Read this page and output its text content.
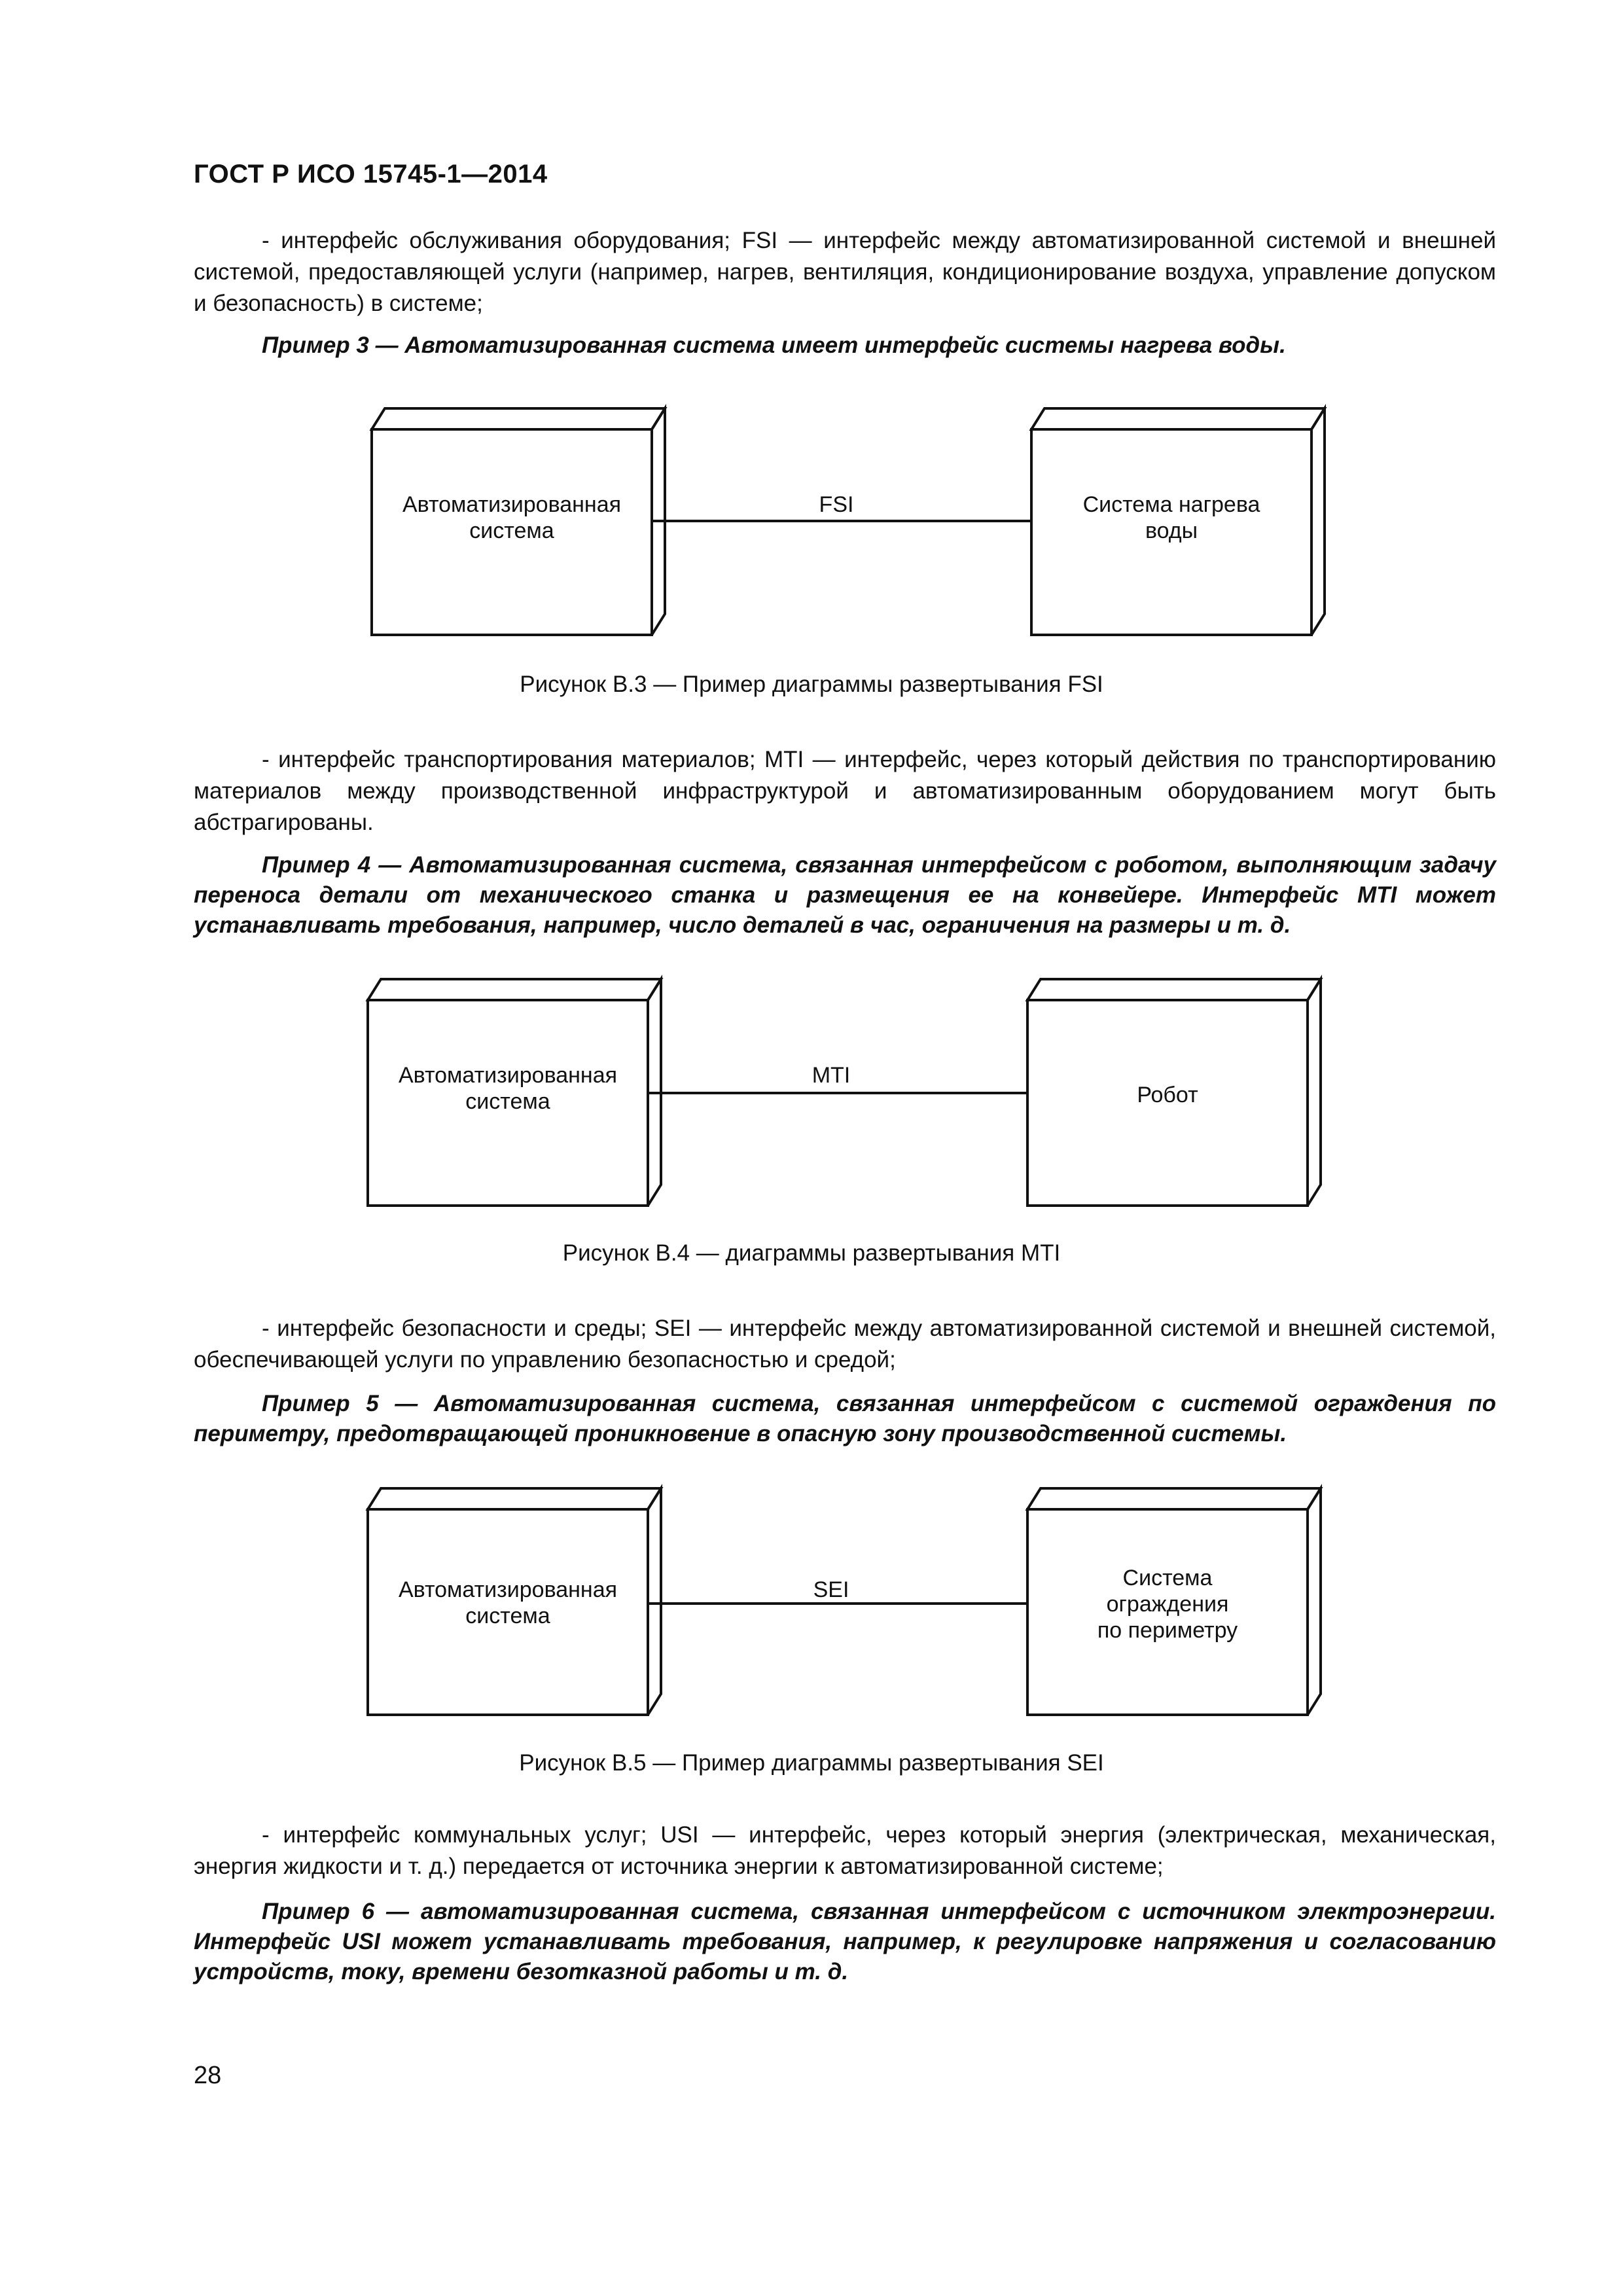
ГОСТ Р ИСО 15745-1—2014

- интерфейс обслуживания оборудования; FSI — интерфейс между автоматизированной системой и внешней системой, предоставляющей услуги (например, нагрев, вентиляция, кондиционирование воздуха, управление допуском и безопасность) в системе;

Пример 3 — Автоматизированная система имеет интерфейс системы нагрева воды.

Автоматизированная
система
FSI	Система нагрева
воды
Рисунок В.3 — Пример диаграммы развертывания FSI

- интерфейс транспортирования материалов; MTI — интерфейс, через который действия по транспортированию материалов между производственной инфраструктурой и автоматизированным оборудованием могут быть абстрагированы.

Пример 4 — Автоматизированная система, связанная интерфейсом с роботом, выполняющим задачу переноса детали от механического станка и размещения ее на конвейере. Интерфейс MTI может устанавливать требования, например, число деталей в час, ограничения на размеры и т. д.

Автоматизированная
система
MTI
Робот
Рисунок В.4 — диаграммы развертывания MTI

- интерфейс безопасности и среды; SEI — интерфейс между автоматизированной системой и внешней системой, обеспечивающей услуги по управлению безопасностью и средой;

Пример 5 — Автоматизированная система, связанная интерфейсом с системой ограждения по периметру, предотвращающей проникновение в опасную зону производственной системы.

Автоматизированная
система
SEI	Система
ограждения
по периметру
Рисунок В.5 — Пример диаграммы развертывания SEI

- интерфейс коммунальных услуг; USI — интерфейс, через который энергия (электрическая, механическая, энергия жидкости и т. д.) передается от источника энергии к автоматизированной системе;

Пример 6 — автоматизированная система, связанная интерфейсом с источником электроэнергии. Интерфейс USI может устанавливать требования, например, к регулировке напряжения и согласованию устройств, току, времени безотказной работы и т. д.

28
